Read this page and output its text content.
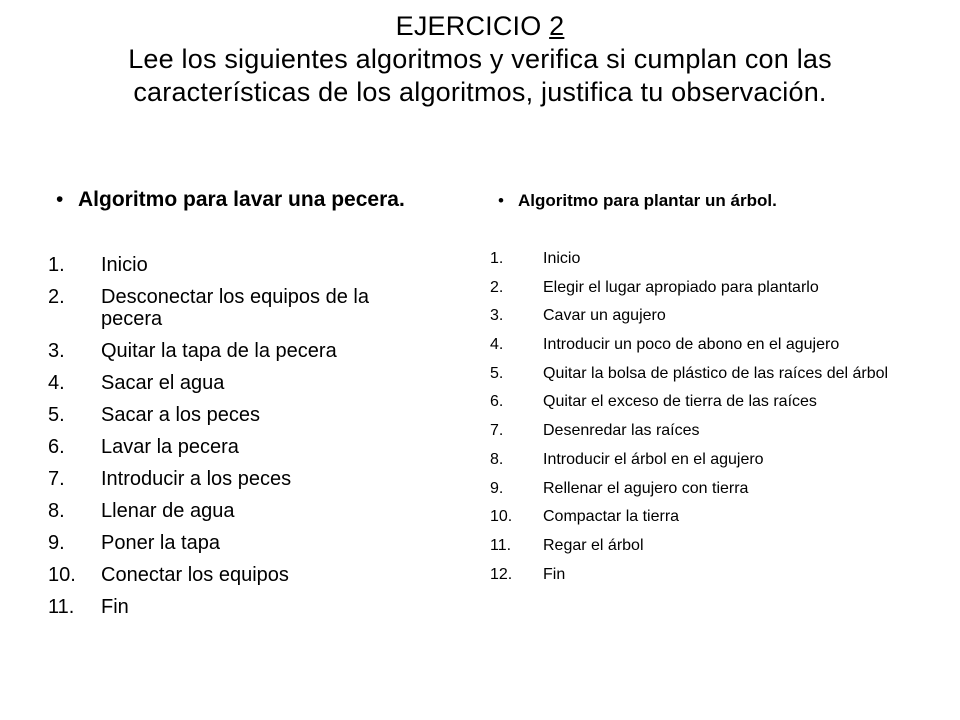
EJERCICIO 2
Lee los siguientes algoritmos y verifica si cumplan con las
características de los algoritmos, justifica tu observación.
• Algoritmo para lavar una pecera.
1. Inicio
2. Desconectar los equipos de la pecera
3. Quitar la tapa de la pecera
4. Sacar el agua
5. Sacar a los peces
6. Lavar la pecera
7. Introducir a los peces
8. Llenar de agua
9. Poner la tapa
10. Conectar los equipos
11. Fin
• Algoritmo para plantar un árbol.
1. Inicio
2. Elegir el lugar apropiado para plantarlo
3. Cavar un agujero
4. Introducir un poco de abono en el agujero
5. Quitar la bolsa de plástico de las raíces del árbol
6. Quitar el exceso de tierra de las raíces
7. Desenredar las raíces
8. Introducir el árbol en el agujero
9. Rellenar el agujero con tierra
10. Compactar la tierra
11. Regar el árbol
12. Fin
